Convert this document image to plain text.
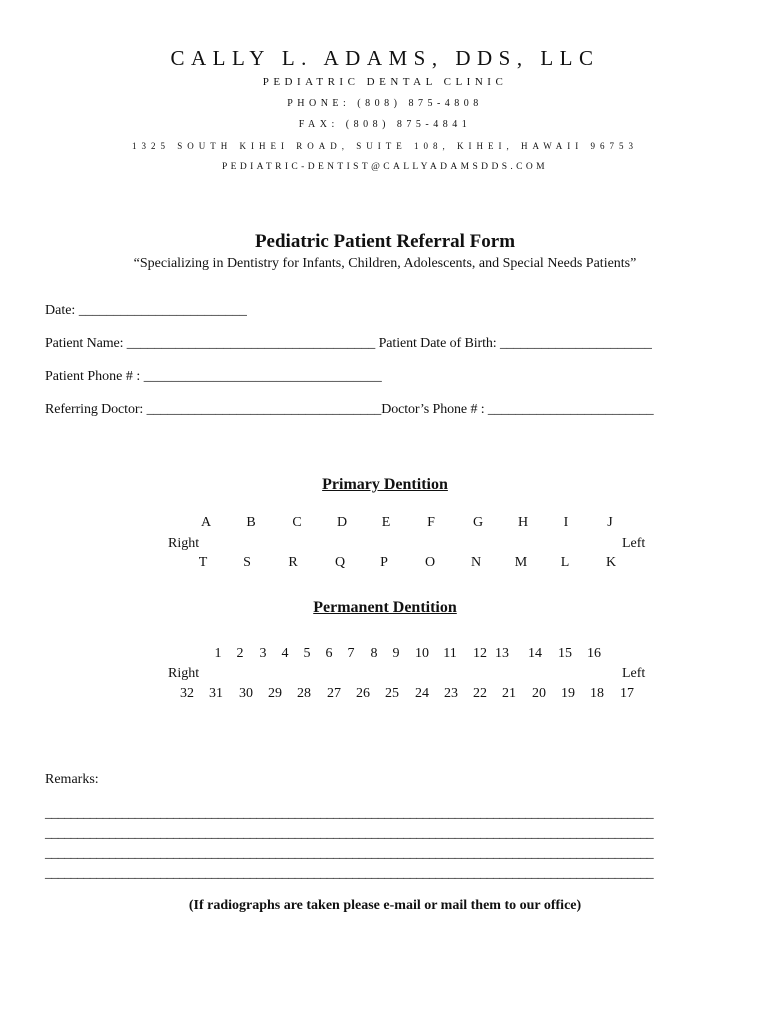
CALLY L. ADAMS, DDS, LLC
PEDIATRIC DENTAL CLINIC
PHONE: (808) 875-4808
FAX: (808) 875-4841
1325 SOUTH KIHEI ROAD, SUITE 108, KIHEI, HAWAII 96753
PEDIATRIC-DENTIST@CALLYADAMSDDS.COM
Pediatric Patient Referral Form
“Specializing in Dentistry for Infants, Children, Adolescents, and Special Needs Patients”
Date: ________________________
Patient Name: ____________________________________ Patient Date of Birth: ______________________
Patient Phone # : __________________________________
Referring Doctor: __________________________________Doctor’s Phone # : ________________________
Primary Dentition
A	B	C	D	E	F	G	H	I	J
Right	Left
T	S	R	Q	P	O	N	M	L	K
Permanent Dentition
1	2	3	4	5	6	7	8	9	10	11	12 13	14	15	16
Right	Left
32	31	30	29	28	27	26	25	24	23	22	21	20	19	18	17
Remarks:
_______________________________________________________________________________________________
_______________________________________________________________________________________________
_______________________________________________________________________________________________
_______________________________________________________________________________________________
(If radiographs are taken please e-mail or mail them to our office)
